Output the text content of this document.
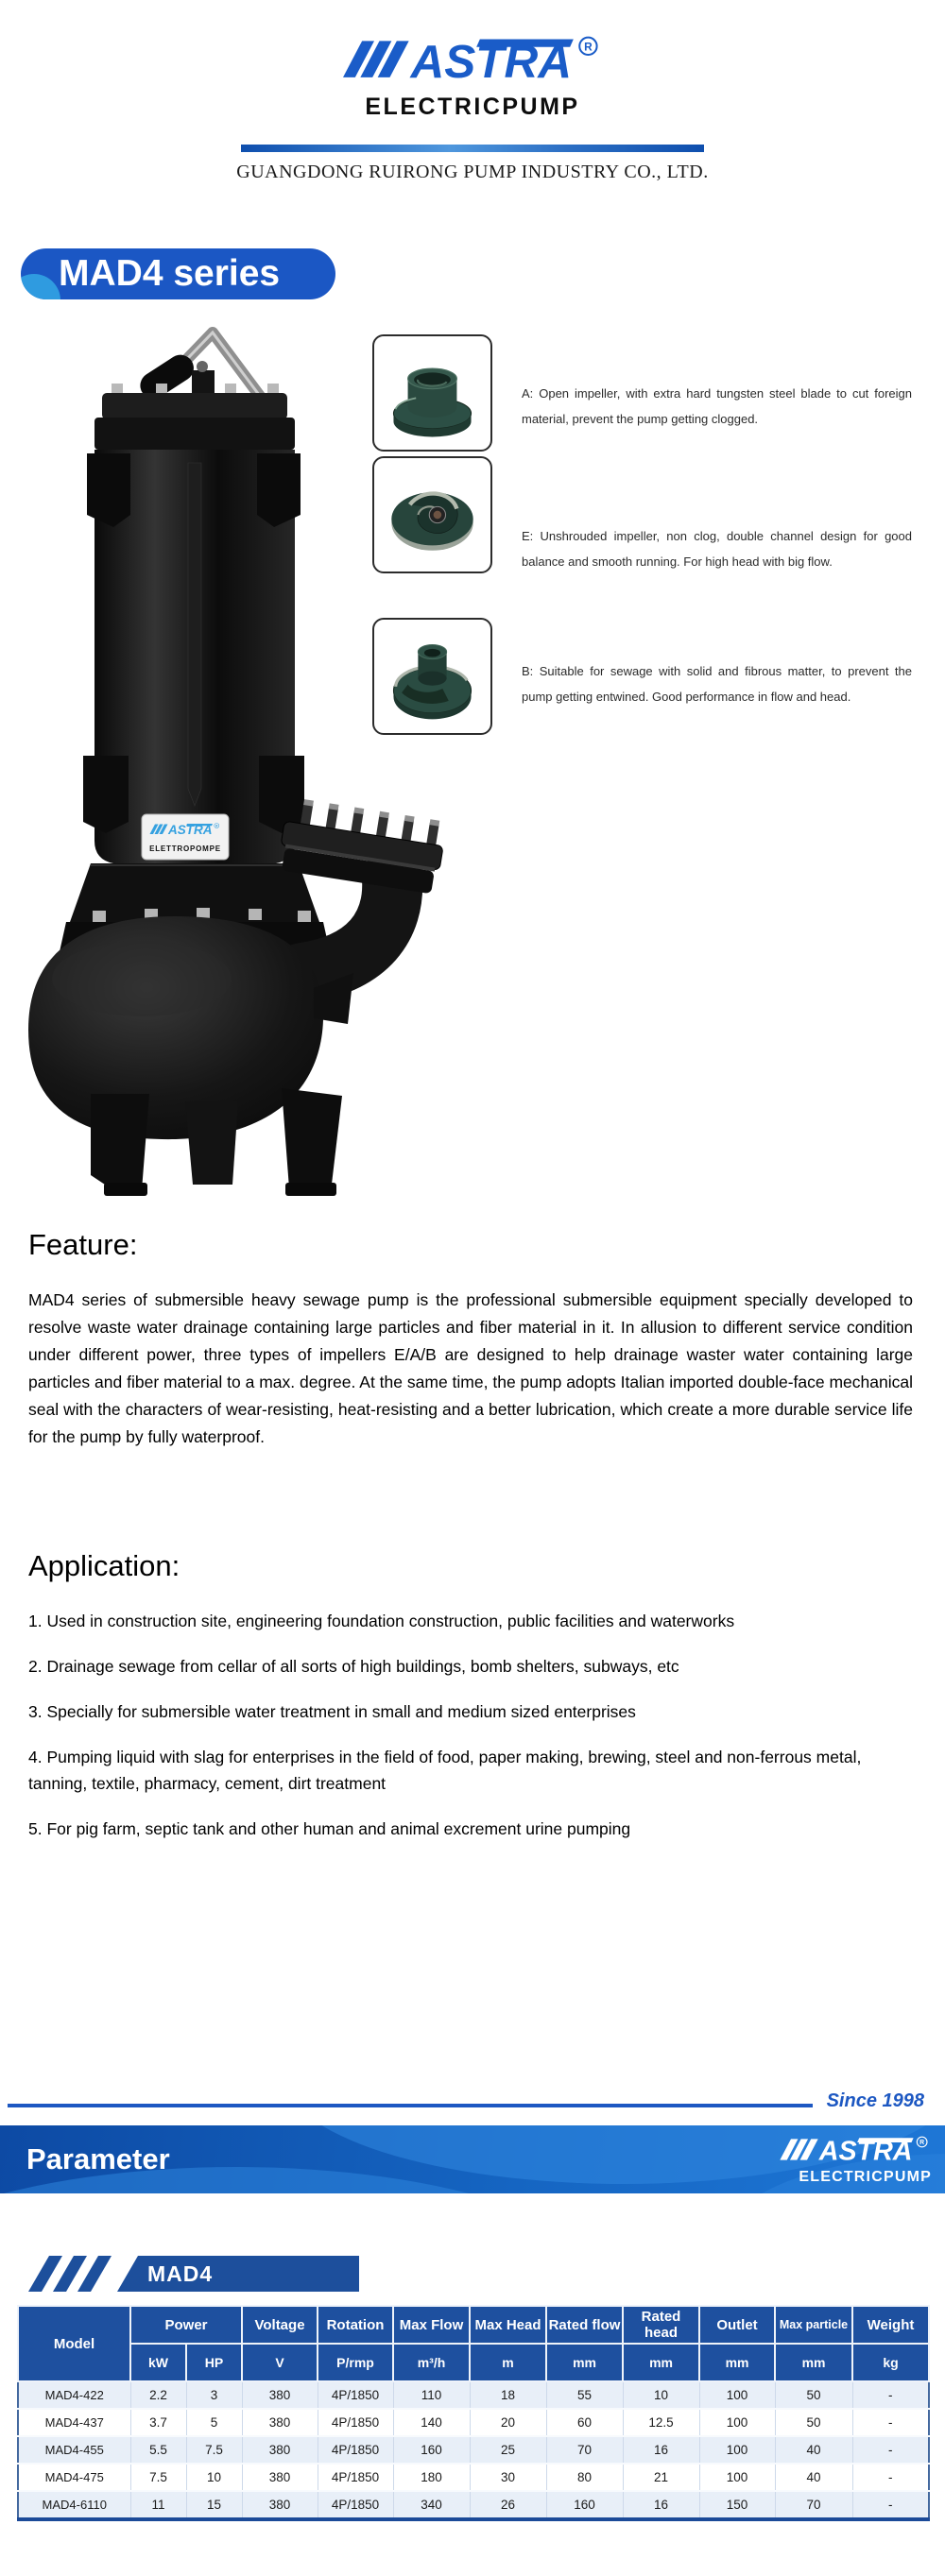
ELECTRICPUMP
GUANGDONG RUIRONG PUMP INDUSTRY CO., LTD.
MAD4 series
ELETTROPOMPE

A: Open impeller, with extra hard tungsten steel blade to cut foreign material, prevent the pump getting clogged.

E: Unshrouded impeller, non clog, double channel design for good balance and smooth running. For high head with big flow.

B: Suitable for sewage with solid and fibrous matter, to prevent the pump getting entwined. Good performance in flow and head.

Feature:

MAD4 series of submersible heavy sewage pump is the professional submersible equipment specially developed to resolve waste water drainage containing large particles and fiber material in it. In allusion to different service condition under different power, three types of impellers E/A/B are designed to help drainage waster water containing large particles and fiber material to a max. degree. At the same time, the pump adopts Italian imported double-face mechanical seal with the characters of wear-resisting, heat-resisting and a better lubrication, which create a more durable service life for the pump by fully waterproof.

Application:

1. Used in construction site, engineering foundation construction, public facilities and waterworks

2. Drainage sewage from cellar of all sorts of high buildings, bomb shelters, subways, etc

3. Specially for submersible water treatment in small and medium sized enterprises

4. Pumping liquid with slag for enterprises in the field of food, paper making, brewing, steel and non-ferrous metal, tanning, textile, pharmacy, cement, dirt treatment

5. For pig farm, septic tank and other human and animal excrement urine pumping

Since 1998
Parameter
ELECTRICPUMP
MAD4
Model	Power		Voltage	Rotation	Max Flow	Max Head	Rated flow	Rated head	Outlet	Max particle	Weight
	kW	HP	V	P/rmp	m³/h	m	mm	mm	mm	mm	kg
MAD4-422	2.2	3	380	4P/1850	110	18	55	10	100	50	-
MAD4-437	3.7	5	380	4P/1850	140	20	60	12.5	100	50	-
MAD4-455	5.5	7.5	380	4P/1850	160	25	70	16	100	40	-
MAD4-475	7.5	10	380	4P/1850	180	30	80	21	100	40	-
MAD4-6110	11	15	380	4P/1850	340	26	160	16	150	70	-
